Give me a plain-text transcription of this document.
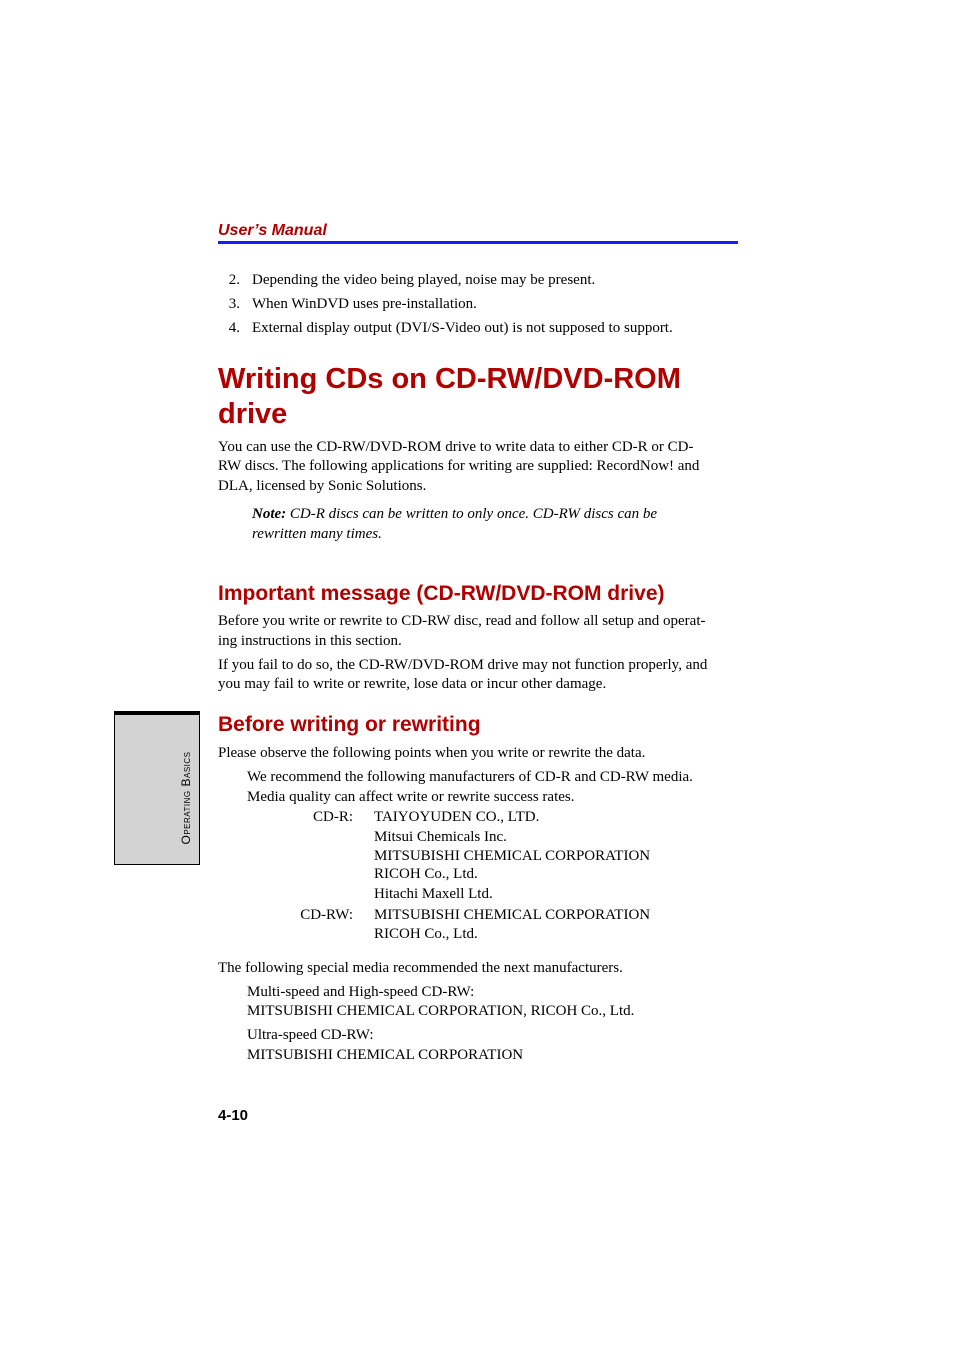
User’s Manual
2. Depending the video being played, noise may be present.
3. When WinDVD uses pre-installation.
4. External display output (DVI/S-Video out) is not supposed to support.
Writing CDs on CD-RW/DVD-ROM
drive
You can use the CD-RW/DVD-ROM drive to write data to either CD-R or CD-
RW discs. The following applications for writing are supplied: RecordNow! and
DLA, licensed by Sonic Solutions.
Note: CD-R discs can be written to only once. CD-RW discs can be
rewritten many times.
Important message (CD-RW/DVD-ROM drive)
Before you write or rewrite to CD-RW disc, read and follow all setup and operat-
ing instructions in this section.
If you fail to do so, the CD-RW/DVD-ROM drive may not function properly, and
you may fail to write or rewrite, lose data or incur other damage.
Before writing or rewriting
Please observe the following points when you write or rewrite the data.
We recommend the following manufacturers of CD-R and CD-RW media.
Media quality can affect write or rewrite success rates.
CD-R: TAIYOYUDEN CO., LTD.
Mitsui Chemicals Inc.
MITSUBISHI CHEMICAL CORPORATION
RICOH Co., Ltd.
Hitachi Maxell Ltd.
CD-RW: MITSUBISHI CHEMICAL CORPORATION
RICOH Co., Ltd.
The following special media recommended the next manufacturers.
Multi-speed and High-speed CD-RW:
MITSUBISHI CHEMICAL CORPORATION, RICOH Co., Ltd.
Ultra-speed CD-RW:
MITSUBISHI CHEMICAL CORPORATION
Operating Basics
4-10
